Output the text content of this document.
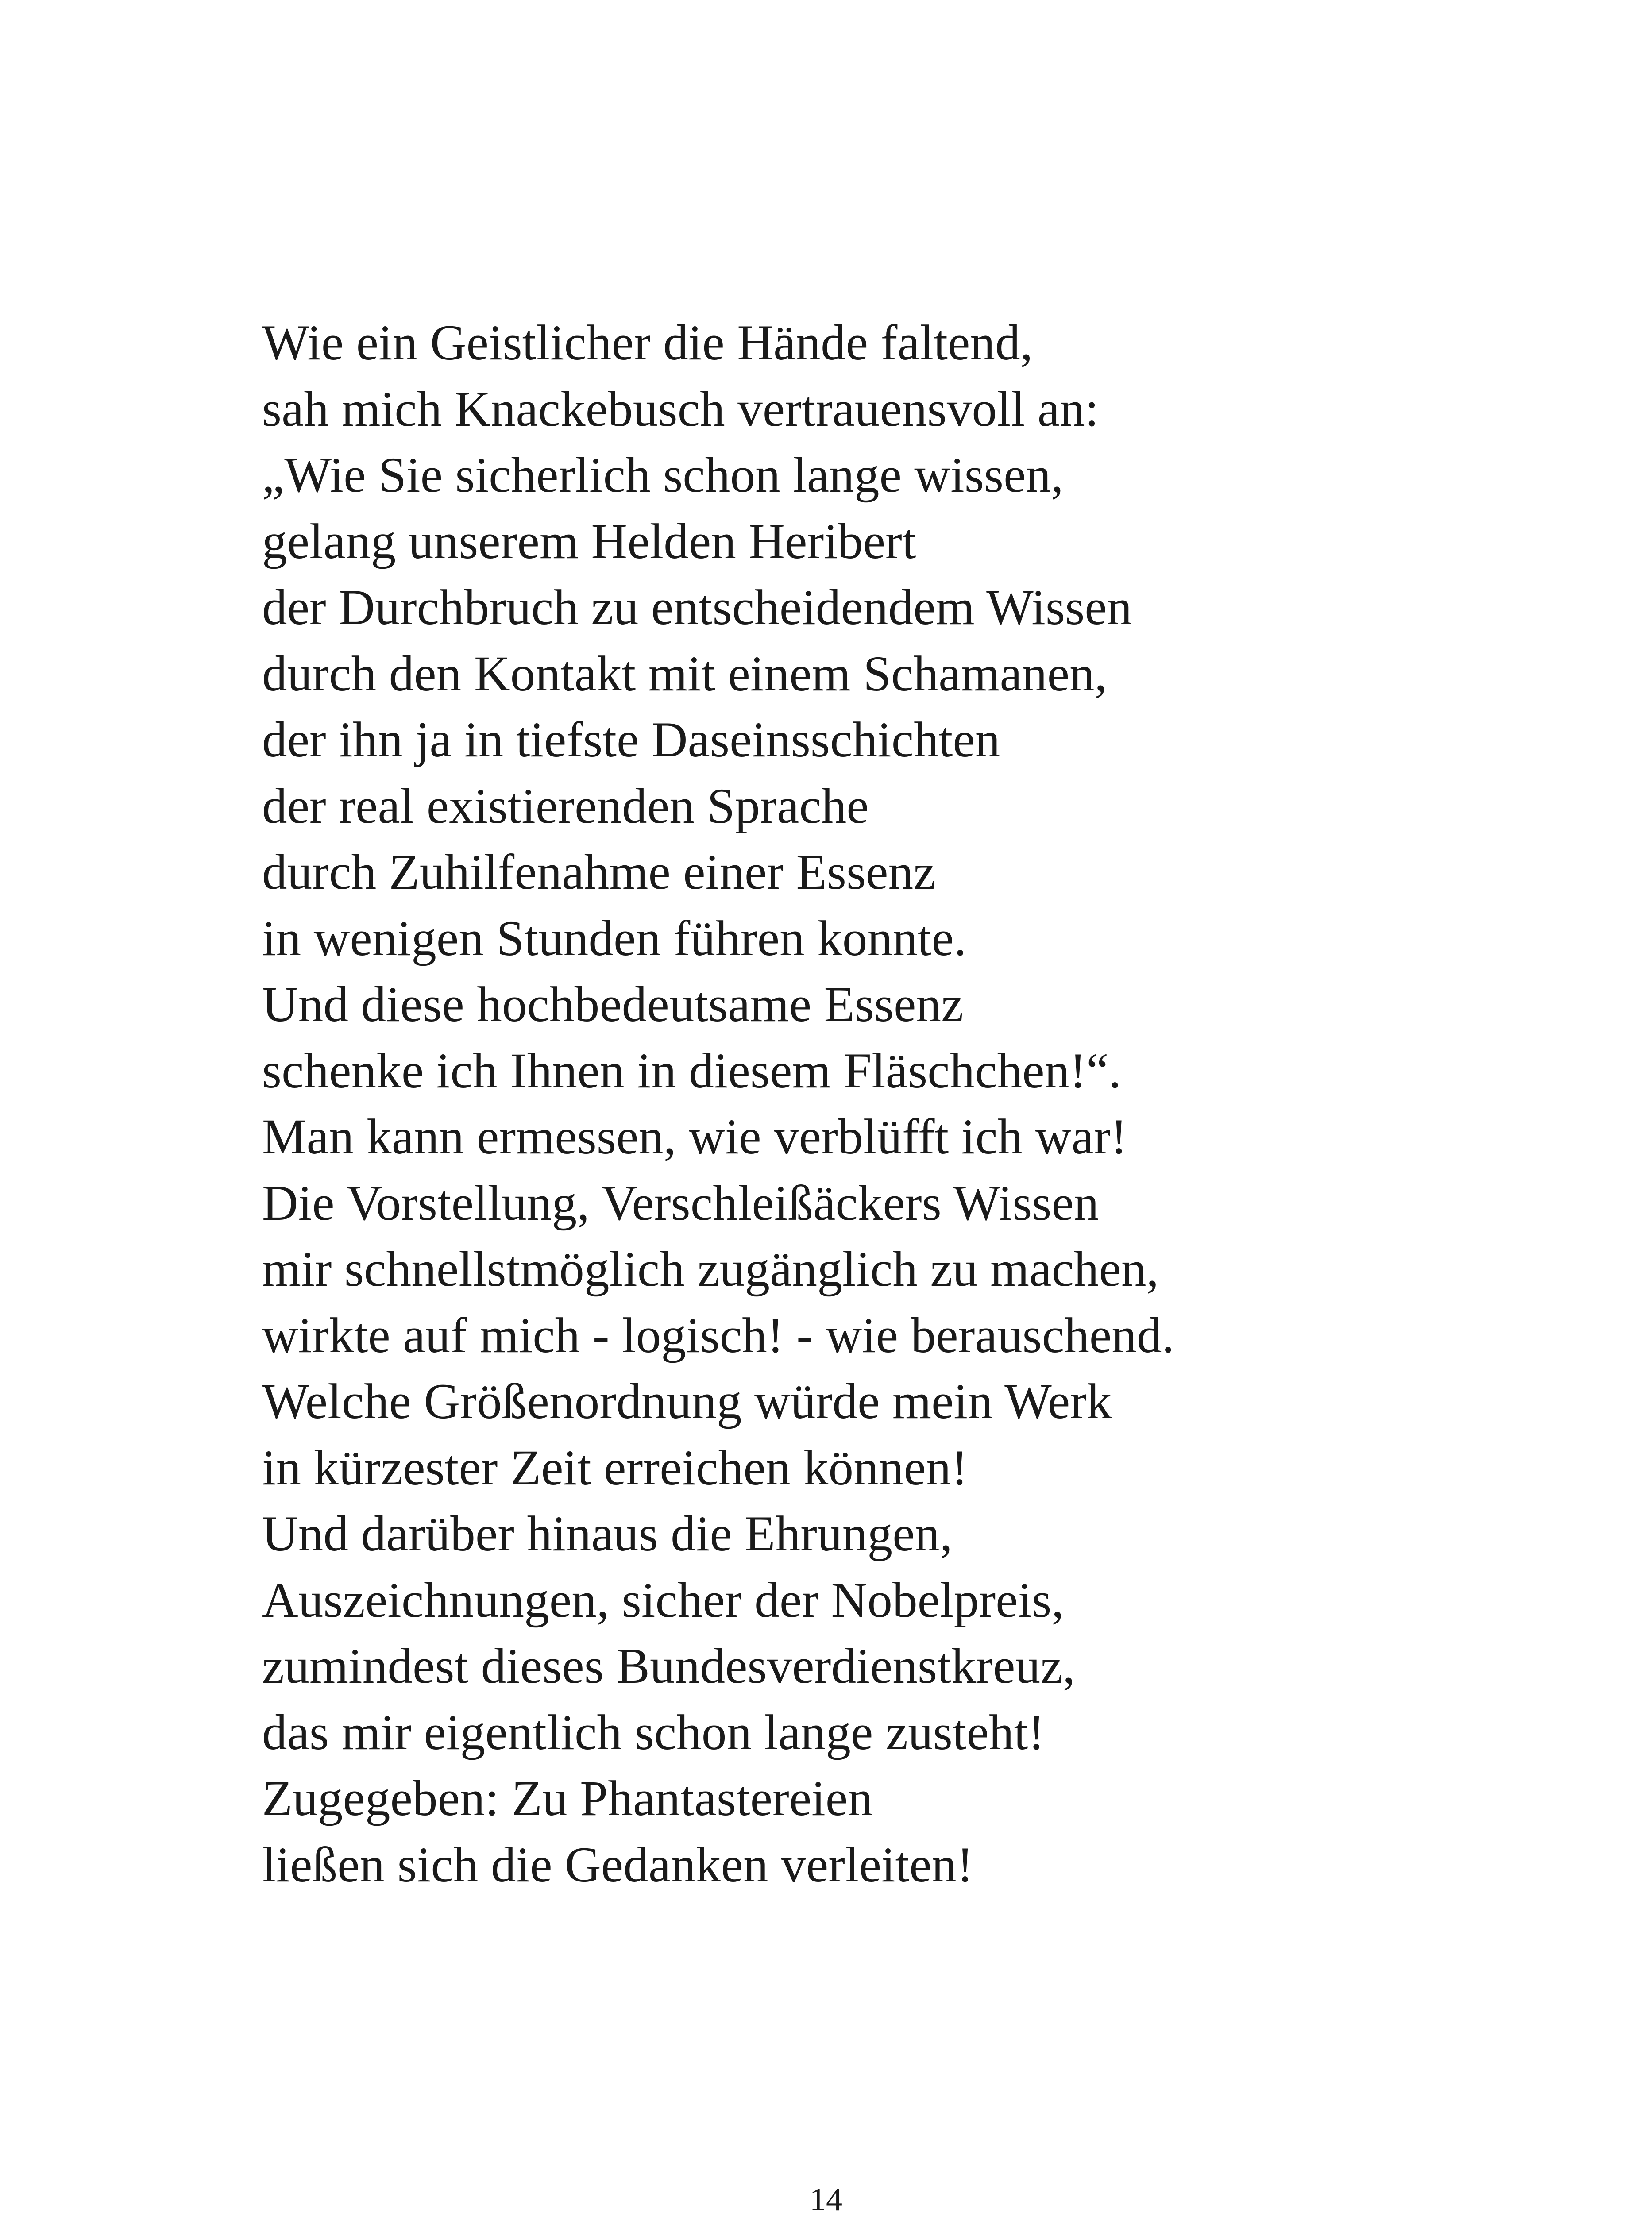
Wie ein Geistlicher die Hände faltend,
sah mich Knackebusch vertrauensvoll an:
„Wie Sie sicherlich schon lange wissen,
gelang unserem Helden Heribert
der Durchbruch zu entscheidendem Wissen
durch den Kontakt mit einem Schamanen,
der ihn ja in tiefste Daseinsschichten
der real existierenden Sprache
durch Zuhilfenahme einer Essenz
in wenigen Stunden führen konnte.
Und diese hochbedeutsame Essenz
schenke ich Ihnen in diesem Fläschchen!“.
Man kann ermessen, wie verblüfft ich war!
Die Vorstellung, Verschleißäckers Wissen
mir schnellstmöglich zugänglich zu machen,
wirkte auf mich - logisch! - wie berauschend.
Welche Größenordnung würde mein Werk
in kürzester Zeit erreichen können!
Und darüber hinaus die Ehrungen,
Auszeichnungen, sicher der Nobelpreis,
zumindest dieses Bundesverdienstkreuz,
das mir eigentlich schon lange zusteht!
Zugegeben: Zu Phantastereien
ließen sich die Gedanken verleiten!
14
